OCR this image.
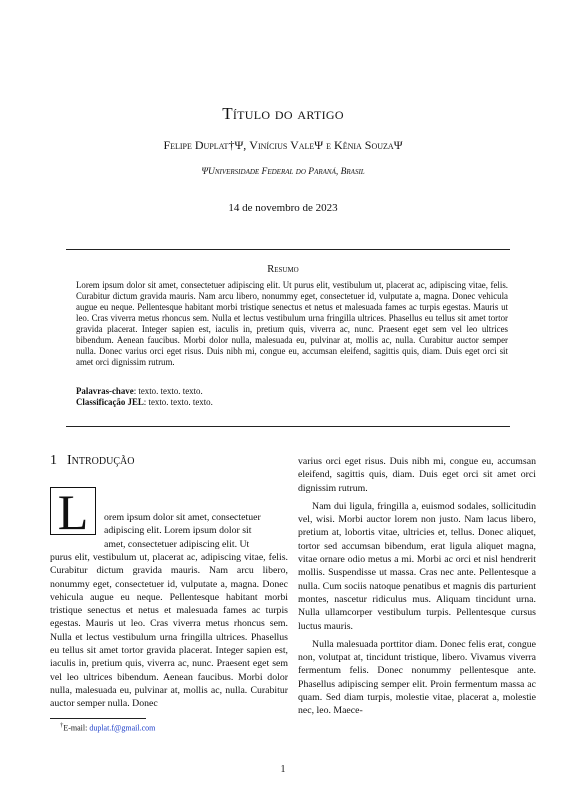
Título do artigo
Felipe Duplat†Ψ, Vinícius ValeΨ e Kênia SouzaΨ
ΨUniversidade Federal do Paraná, Brasil
14 de novembro de 2023
Resumo
Lorem ipsum dolor sit amet, consectetuer adipiscing elit. Ut purus elit, vestibulum ut, placerat ac, adipiscing vitae, felis. Curabitur dictum gravida mauris. Nam arcu libero, nonummy eget, consectetuer id, vulputate a, magna. Donec vehicula augue eu neque. Pellentesque habitant morbi tristique senectus et netus et malesuada fames ac turpis egestas. Mauris ut leo. Cras viverra metus rhoncus sem. Nulla et lectus vestibulum urna fringilla ultrices. Phasellus eu tellus sit amet tortor gravida placerat. Integer sapien est, iaculis in, pretium quis, viverra ac, nunc. Praesent eget sem vel leo ultrices bibendum. Aenean faucibus. Morbi dolor nulla, malesuada eu, pulvinar at, mollis ac, nulla. Curabitur auctor semper nulla. Donec varius orci eget risus. Duis nibh mi, congue eu, accumsan eleifend, sagittis quis, diam. Duis eget orci sit amet orci dignissim rutrum.
Palavras-chave: texto. texto. texto.
Classificação JEL: texto. texto. texto.
1 Introdução
L	orem ipsum dolor sit amet, consectetuer
adipiscing elit. Lorem ipsum dolor sit
amet, consectetuer adipiscing elit. Ut

purus elit, vestibulum ut, placerat ac, adipiscing vitae, felis. Curabitur dictum gravida mauris. Nam arcu libero, nonummy eget, consectetuer id, vulputate a, magna. Donec vehicula augue eu neque. Pellentesque habitant morbi tristique senectus et netus et malesuada fames ac turpis egestas. Mauris ut leo. Cras viverra metus rhoncus sem. Nulla et lectus vestibulum urna fringilla ultrices. Phasellus eu tellus sit amet tortor gravida placerat. Integer sapien est, iaculis in, pretium quis, viverra ac, nunc. Praesent eget sem vel leo ultrices bibendum. Aenean faucibus. Morbi dolor nulla, malesuada eu, pulvinar at, mollis ac, nulla. Curabitur auctor semper nulla. Donec

varius orci eget risus. Duis nibh mi, congue eu, accumsan eleifend, sagittis quis, diam. Duis eget orci sit amet orci dignissim rutrum.

Nam dui ligula, fringilla a, euismod sodales, sollicitudin vel, wisi. Morbi auctor lorem non justo. Nam lacus libero, pretium at, lobortis vitae, ultricies et, tellus. Donec aliquet, tortor sed accumsan bibendum, erat ligula aliquet magna, vitae ornare odio metus a mi. Morbi ac orci et nisl hendrerit mollis. Suspendisse ut massa. Cras nec ante. Pellentesque a nulla. Cum sociis natoque penatibus et magnis dis parturient montes, nascetur ridiculus mus. Aliquam tincidunt urna. Nulla ullamcorper vestibulum turpis. Pellentesque cursus luctus mauris.

Nulla malesuada porttitor diam. Donec felis erat, congue non, volutpat at, tincidunt tristique, libero. Vivamus viverra fermentum felis. Donec nonummy pellentesque ante. Phasellus adipiscing semper elit. Proin fermentum massa ac quam. Sed diam turpis, molestie vitae, placerat a, molestie nec, leo. Maece-

†E-mail: duplat.f@gmail.com
1
